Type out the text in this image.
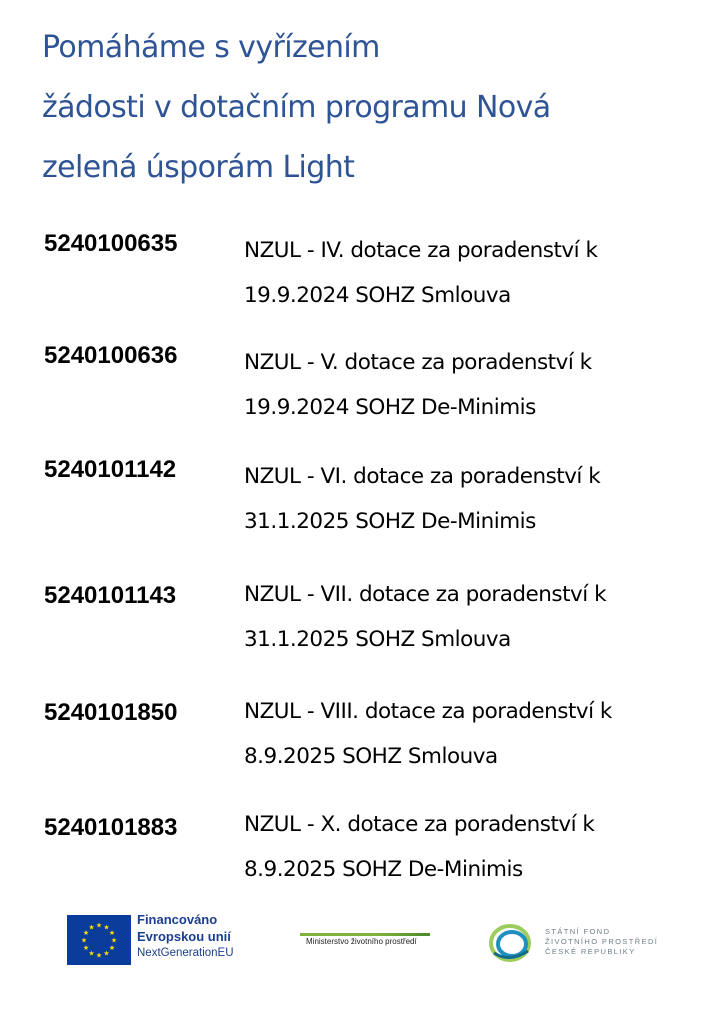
Pomáháme s vyřízením
žádosti v dotačním programu Nová
zelená úsporám Light
5240100635	NZUL - IV. dotace za poradenství k
19.9.2024 SOHZ Smlouva
5240100636	NZUL - V. dotace za poradenství k
19.9.2024 SOHZ De-Minimis
5240101142	NZUL - VI. dotace za poradenství k
31.1.2025 SOHZ De-Minimis
5240101143	NZUL - VII. dotace za poradenství k
31.1.2025 SOHZ Smlouva
5240101850	NZUL - VIII. dotace za poradenství k
8.9.2025 SOHZ Smlouva
5240101883	NZUL - X. dotace za poradenství k
8.9.2025 SOHZ De-Minimis
★ ★
★
★
★
★
★
★
★
★
★
★
Financováno
Evropskou unií
NextGenerationEU
Ministerstvo životního prostředí
STÁTNÍ FOND
ŽIVOTNÍHO PROSTŘEDÍ
ČESKÉ REPUBLIKY
